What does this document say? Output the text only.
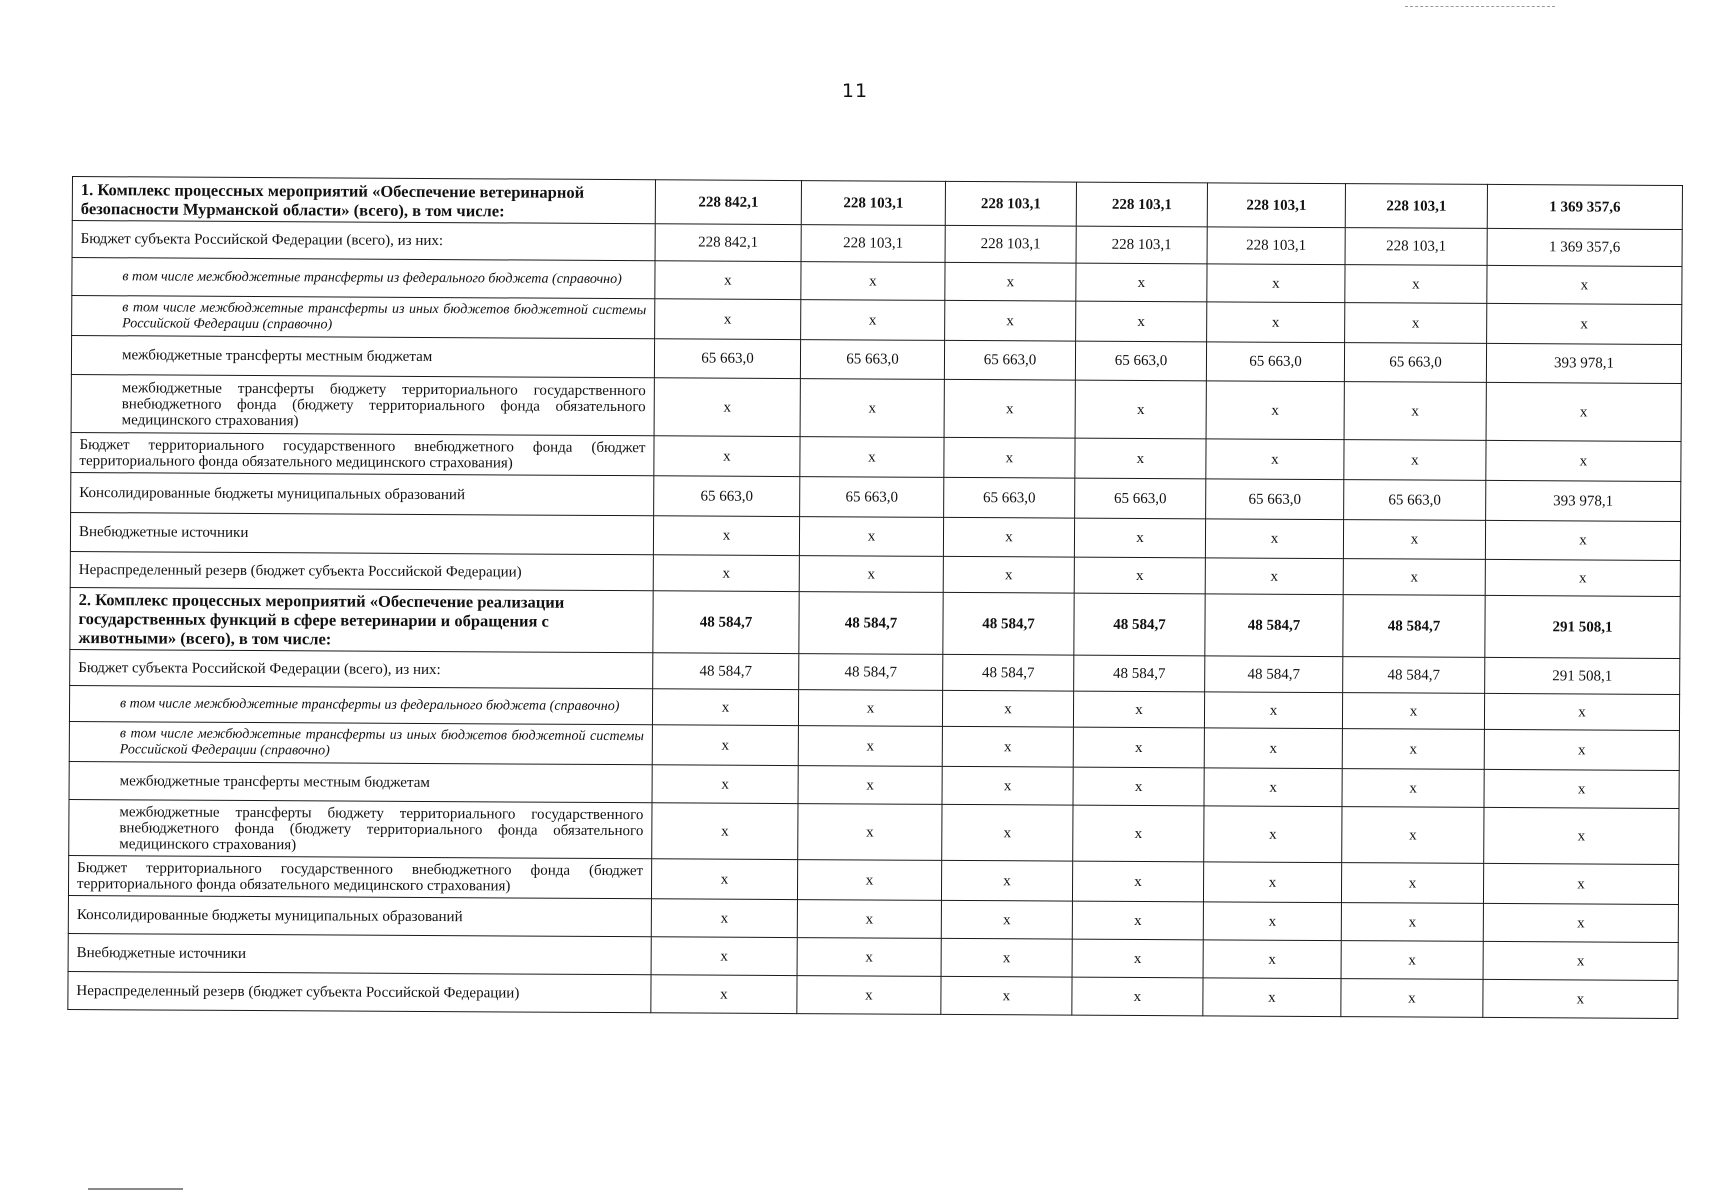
11
1. Комплекс процессных мероприятий «Обеспечение ветеринарной безопасности Мурманской области» (всего), в том числе:	228 842,1	228 103,1	228 103,1	228 103,1	228 103,1	228 103,1	1 369 357,6
Бюджет субъекта Российской Федерации (всего), из них:	228 842,1	228 103,1	228 103,1	228 103,1	228 103,1	228 103,1	1 369 357,6
в том числе межбюджетные трансферты из федерального бюджета (справочно)	x	x	x	x	x	x	x
в том числе межбюджетные трансферты из иных бюджетов бюджетной системы Российской Федерации (справочно)	x	x	x	x	x	x	x
межбюджетные трансферты местным бюджетам	65 663,0	65 663,0	65 663,0	65 663,0	65 663,0	65 663,0	393 978,1
межбюджетные трансферты бюджету территориального государственного внебюджетного фонда (бюджету территориального фонда обязательного медицинского страхования)	x	x	x	x	x	x	x
Бюджет территориального государственного внебюджетного фонда (бюджет территориального фонда обязательного медицинского страхования)	x	x	x	x	x	x	x
Консолидированные бюджеты муниципальных образований	65 663,0	65 663,0	65 663,0	65 663,0	65 663,0	65 663,0	393 978,1
Внебюджетные источники	x	x	x	x	x	x	x
Нераспределенный резерв (бюджет субъекта Российской Федерации)	x	x	x	x	x	x	x
2. Комплекс процессных мероприятий «Обеспечение реализации государственных функций в сфере ветеринарии и обращения с животными» (всего), в том числе:	48 584,7	48 584,7	48 584,7	48 584,7	48 584,7	48 584,7	291 508,1
Бюджет субъекта Российской Федерации (всего), из них:	48 584,7	48 584,7	48 584,7	48 584,7	48 584,7	48 584,7	291 508,1
в том числе межбюджетные трансферты из федерального бюджета (справочно)	x	x	x	x	x	x	x
в том числе межбюджетные трансферты из иных бюджетов бюджетной системы Российской Федерации (справочно)	x	x	x	x	x	x	x
межбюджетные трансферты местным бюджетам	x	x	x	x	x	x	x
межбюджетные трансферты бюджету территориального государственного внебюджетного фонда (бюджету территориального фонда обязательного медицинского страхования)	x	x	x	x	x	x	x
Бюджет территориального государственного внебюджетного фонда (бюджет территориального фонда обязательного медицинского страхования)	x	x	x	x	x	x	x
Консолидированные бюджеты муниципальных образований	x	x	x	x	x	x	x
Внебюджетные источники	x	x	x	x	x	x	x
Нераспределенный резерв (бюджет субъекта Российской Федерации)	x	x	x	x	x	x	x
